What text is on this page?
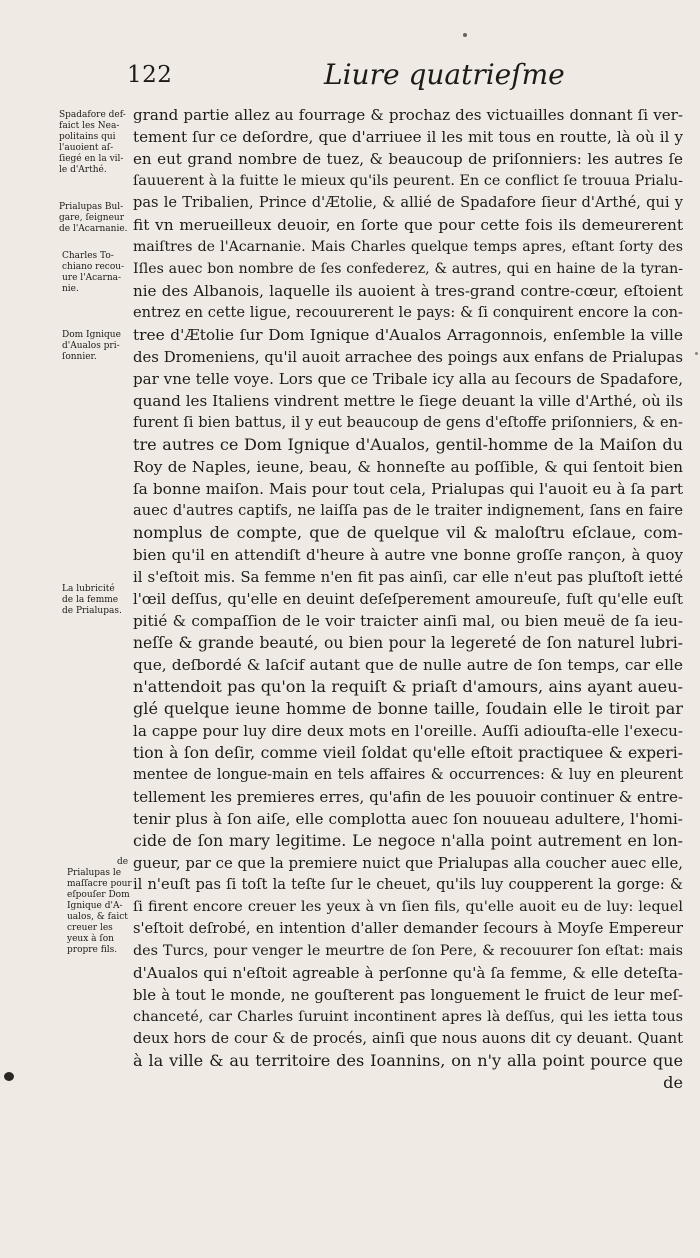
122	Liure quatrieſme
Spadafore def-
faict les Nea-
politains qui
l'auoient aſ-
ſiegé en la vil-
le d'Arthé.
Prialupas Bul-
gare, ſeigneur
de l'Acarnanie.
Charles To-
chiano recou-
ure l'Acarna-
nie.
Dom Ignique
d'Aualos pri-
ſonnier.
La lubricité
de la femme
de Prialupas.
de
Prialupas le
maſſacre pour
eſpouſer Dom
Ignique d'A-
ualos, & faict
creuer les
yeux à ſon
propre fils.
grand partie allez au fourrage & prochaz des victuailles donnant ſi ver-
tement ſur ce deſordre, que d'arriuee il les mit tous en routte, là où il y
en eut grand nombre de tuez, & beaucoup de priſonniers: les autres ſe
ſauuerent à la fuitte le mieux qu'ils peurent. En ce conflict ſe trouua Prialu-
pas le Tribalien, Prince d'Ætolie, & allié de Spadafore ſieur d'Arthé, qui y
fit vn merueilleux deuoir, en ſorte que pour cette fois ils demeurerent
maiſtres de l'Acarnanie. Mais Charles quelque temps apres, eſtant ſorty des
Iſles auec bon nombre de ſes confederez, & autres, qui en haine de la tyran-
nie des Albanois, laquelle ils auoient à tres-grand contre-cœur, eſtoient
entrez en cette ligue, recouurerent le pays: & ſi conquirent encore la con-
tree d'Ætolie ſur Dom Ignique d'Aualos Arragonnois, enſemble la ville
des Dromeniens, qu'il auoit arrachee des poings aux enfans de Prialupas
par vne telle voye. Lors que ce Tribale icy alla au ſecours de Spadafore,
quand les Italiens vindrent mettre le ſiege deuant la ville d'Arthé, où ils
furent ſi bien battus, il y eut beaucoup de gens d'eſtoffe priſonniers, & en-
tre autres ce Dom Ignique d'Aualos, gentil-homme de la Maiſon du
Roy de Naples, ieune, beau, & honneſte au poſſible, & qui ſentoit bien
ſa bonne maiſon. Mais pour tout cela, Prialupas qui l'auoit eu à ſa part
auec d'autres captifs, ne laiſſa pas de le traiter indignement, ſans en faire
nomplus de compte, que de quelque vil & maloſtru eſclaue, com-
bien qu'il en attendiſt d'heure à autre vne bonne groſſe rançon, à quoy
il s'eſtoit mis. Sa femme n'en fit pas ainſi, car elle n'eut pas pluſtoſt ietté
l'œil deſſus, qu'elle en deuint deſeſperement amoureuſe, fuſt qu'elle euſt
pitié & compaſſion de le voir traicter ainſi mal, ou bien meuë de ſa ieu-
neſſe & grande beauté, ou bien pour la legereté de ſon naturel lubri-
que, deſbordé & laſcif autant que de nulle autre de ſon temps, car elle
n'attendoit pas qu'on la requiſt & priaſt d'amours, ains ayant aueu-
glé quelque ieune homme de bonne taille, ſoudain elle le tiroit par
la cappe pour luy dire deux mots en l'oreille. Auſſi adiouſta-elle l'execu-
tion à ſon deſir, comme vieil ſoldat qu'elle eſtoit practiquee & experi-
mentee de longue-main en tels affaires & occurrences: & luy en pleurent
tellement les premieres erres, qu'afin de les pouuoir continuer & entre-
tenir plus à ſon aiſe, elle complotta auec ſon nouueau adultere, l'homi-
cide de ſon mary legitime. Le negoce n'alla point autrement en lon-
gueur, par ce que la premiere nuict que Prialupas alla coucher auec elle,
il n'euſt pas ſi toſt la teſte ſur le cheuet, qu'ils luy coupperent la gorge: &
ſi firent encore creuer les yeux à vn ſien fils, qu'elle auoit eu de luy: lequel
s'eſtoit deſrobé, en intention d'aller demander ſecours à Moyſe Empereur
des Turcs, pour venger le meurtre de ſon Pere, & recouurer ſon eſtat: mais
d'Aualos qui n'eſtoit agreable à perſonne qu'à ſa femme, & elle deteſta-
ble à tout le monde, ne gouſterent pas longuement le fruict de leur meſ-
chanceté, car Charles ſuruint incontinent apres là deſſus, qui les ietta tous
deux hors de cour & de procés, ainſi que nous auons dit cy deuant. Quant
à la ville & au territoire des Ioannins, on n'y alla point pource que
de
